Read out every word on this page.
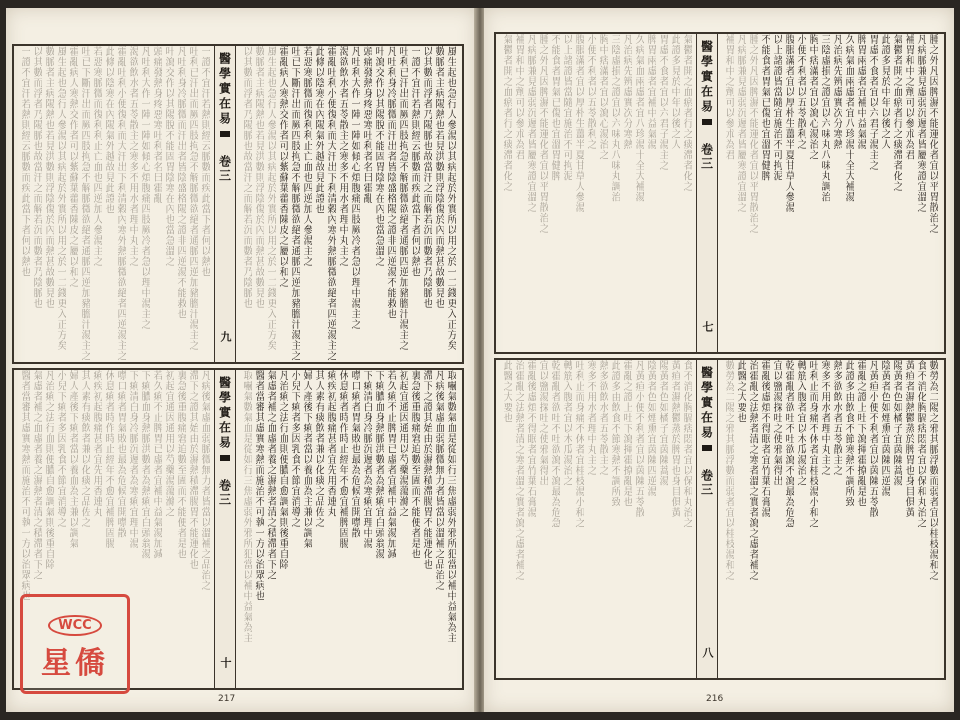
風生起也急行人參湯以其病起於外實所以用之於一二錢更入正方矣
數脈者主病陽熱也若見洪數則浮陰傷於內而熱甚故數見也
以其數而浮者乃陽脈也故當汗之而解若沉而數者乃陰脈也
一證不宜汗若熱則經云脈數而疾此當下者何以熱也
吐利已汗出而厥四肢拘急不解脈微欲絕者通脈四逆加豬膽汁湯主之
凡吐利身冷脈微而汗出者皆陰盛格陽之證非四逆湯不能救也
叶瀉交作以其陽脫不能固胃陰寒在內也當急溫之
頭痛發熱身疼惡寒吐利者名曰霍亂
凡吐利大作一陣一陣如傾心煩腹痛四肢厥冷者急以理中湯主之
渴欲飲水者五苓散主之寒多不用水者理中丸主之
霍亂吐利小便復利而大汗出下利清穀內寒外熱脈微欲絕者四逆湯主之
此條以陰寒在內陽氣外越故見此證也
若惡寒脈微而復利利止亡血也四逆加人參湯主之
吐已下斷汗出而厥四肢拘急不解脈微欲絕者通脈四逆加豬膽汁湯主之
霍亂病人寒熱交作者可以紫蘇葉藿香陳皮之屬以和之
風生起也急行人參湯以其病起於外實所以用之於一二錢更入正方矣
數脈者主病陽熱也若見洪數則浮陰傷於內而熱甚故數見也
以其數而浮者乃陽脈也故當汗之而解若沉而數者乃陰脈也
一證不宜汗若熱則經云脈數而疾此當下者何以熱也
吐利已汗出而厥四肢拘急不解脈微欲絕者通脈四逆加豬膽汁湯主之
凡吐利身冷脈微而汗出者皆陰盛格陽之證非四逆湯不能救也
叶瀉交作以其陽脫不能固胃陰寒在內也當急溫之
頭痛發熱身疼惡寒吐利者名曰霍亂
凡吐利大作一陣一陣如傾心煩腹痛四肢厥冷者急以理中湯主之
渴欲飲水者五苓散主之寒多不用水者理中丸主之
霍亂吐利小便復利而大汗出下利清穀內寒外熱脈微欲絕者四逆湯主之
此條以陰寒在內陽氣外越故見此證也
若惡寒脈微而復利利止亡血也四逆加人參湯主之
吐已下斷汗出而厥四肢拘急不解脈微欲絕者通脈四逆加豬膽汁湯主之
霍亂病人寒熱交作者可以紫蘇葉藿香陳皮之屬以和之
風生起也急行人參湯以其病起於外實所以用之於一二錢更入正方矣
數脈者主病陽熱也若見洪數則浮陰傷於內而熱甚故數見也
以其數而浮者乃陽脈也故當汗之而解若沉而數者乃陰脈也
一證不宜汗若熱則經云脈數而疾此當下者何以熱也	醫學實在易
卷三
九
取嚇氣數氣血是從如行三焦虛弱外邪所犯當以補中益氣為主
凡病後氣虛血弱脈微無力者皆當以溫補之品治之
滯下之證其始由於濕熱積滯腸胃不能運化也
裏急後重腹痛窘迫數至圊而不能便者是也
初起宜通因通用以芍藥湯蕩滌之
若久痢不止脾胃已虛者宜補中益氣湯加減
下痢膿血身熱脈洪數者為熱痢宜白頭翁湯
下痢清白身冷脈沉遲者為寒痢宜理中湯
噤口痢者胃氣敗也最為危候宜開噤散
休息痢者時作時止經年不愈宜補脾固腸
痢疾初起腹痛甚者宜先用香連丸
其人素有痰飲者兼以化痰之品佐之
婦人產後下痢者當以養血為主兼以調氣
小兒下痢者多因乳食不節宜消導之
凡治痢之法行血則便膿自愈調氣則後重自除
氣虛者補之血虛者養之濕熱者清之積滯者下之
醫者當審其虛實寒熱而施治不可執一方以治眾病也
取嚇氣數氣血是從如行三焦虛弱外邪所犯當以補中益氣為主
凡病後氣虛血弱脈微無力者皆當以溫補之品治之
滯下之證其始由於濕熱積滯腸胃不能運化也
裏急後重腹痛窘迫數至圊而不能便者是也
初起宜通因通用以芍藥湯蕩滌之
若久痢不止脾胃已虛者宜補中益氣湯加減
下痢膿血身熱脈洪數者為熱痢宜白頭翁湯
下痢清白身冷脈沉遲者為寒痢宜理中湯
噤口痢者胃氣敗也最為危候宜開噤散
休息痢者時作時止經年不愈宜補脾固腸
痢疾初起腹痛甚者宜先用香連丸
其人素有痰飲者兼以化痰之品佐之
婦人產後下痢者當以養血為主兼以調氣
小兒下痢者多因乳食不節宜消導之
凡治痢之法行血則便膿自愈調氣則後重自除
氣虛者補之血虛者養之濕熱者清之積滯者下之
醫者當審其虛實寒熱而施治不可執一方以治眾病也	醫學實在易
卷三
十
217
WCC
星僑
腫之外凡因脾濕不能運化者宜以平胃散治之
凡病脈兼見虛弱沉遲者皆屬寒證宜溫之
補胃和中之劑可以參朮為君
氣鬱者開之血瘀者行之痰滯者化之
此證多見於中年以後之人
胃虛不食者宜以六君子湯主之
脾胃兩虛者宜補中益氣湯
久病氣血兩虛者宜八珍湯十全大補湯
凡治病先辨虛實次分寒熱
三陰虛損之證宜以六味丸八味丸調治
胸中痞滿者宜以瀉心湯治之
小便不利者以五苓散利之
腹脹滿者宜以厚朴生薑半夏甘草人參湯
以上諸證皆當隨宜施治不可拘泥
不能食者胃氣已傷也宜溫胃健脾
腫之外凡因脾濕不能運化者宜以平胃散治之
凡病脈兼見虛弱沉遲者皆屬寒證宜溫之
補胃和中之劑可以參朮為君
氣鬱者開之血瘀者行之痰滯者化之
此證多見於中年以後之人
胃虛不食者宜以六君子湯主之
脾胃兩虛者宜補中益氣湯
久病氣血兩虛者宜八珍湯十全大補湯
凡治病先辨虛實次分寒熱
三陰虛損之證宜以六味丸八味丸調治
胸中痞滿者宜以瀉心湯治之
小便不利者以五苓散利之
腹脹滿者宜以厚朴生薑半夏甘草人參湯
以上諸證皆當隨宜施治不可拘泥
不能食者胃氣已傷也宜溫胃健脾
腫之外凡因脾濕不能運化者宜以平胃散治之
凡病脈兼見虛弱沉遲者皆屬寒證宜溫之
補胃和中之劑可以參朮為君
氣鬱者開之血瘀者行之痰滯者化之	醫學實在易
卷三
七
數勞為二陽之邪其脈浮數而弱者宜以桂枝湯和之
食不消化胸膈痞悶者宜以保和丸治之
黃疸者濕熱鬱蒸於脾胃也身目俱黃
陽黃者色如橘子宜茵陳蒿湯
陰黃者色如煙熏宜茵陳四逆湯
凡黃疸小便不利者宜以茵陳五苓散
霍亂之證上吐下瀉揮霍撩亂是也
此證多由飲食不節寒熱不調所致
熱多欲飲水者五苓散主之
寒多不用水者理中丸主之
吐利止而身痛不休者宜桂枝湯小和之
轉筋入腹者宜以木瓜湯治之
乾霍亂者欲吐不吐欲瀉不瀉最為危急
宜以鹽湯探吐之使邪氣得出
霍亂後虛煩不得眠者宜竹葉石膏湯
治霍亂之法熱者清之寒者溫之實者瀉之虛者補之
此醫之大要也
數勞為二陽之邪其脈浮數而弱者宜以桂枝湯和之
食不消化胸膈痞悶者宜以保和丸治之
黃疸者濕熱鬱蒸於脾胃也身目俱黃
陽黃者色如橘子宜茵陳蒿湯
陰黃者色如煙熏宜茵陳四逆湯
凡黃疸小便不利者宜以茵陳五苓散
霍亂之證上吐下瀉揮霍撩亂是也
此證多由飲食不節寒熱不調所致
熱多欲飲水者五苓散主之
寒多不用水者理中丸主之
吐利止而身痛不休者宜桂枝湯小和之
轉筋入腹者宜以木瓜湯治之
乾霍亂者欲吐不吐欲瀉不瀉最為危急
宜以鹽湯探吐之使邪氣得出
霍亂後虛煩不得眠者宜竹葉石膏湯
治霍亂之法熱者清之寒者溫之實者瀉之虛者補之
此醫之大要也	醫學實在易
卷三
八
216
